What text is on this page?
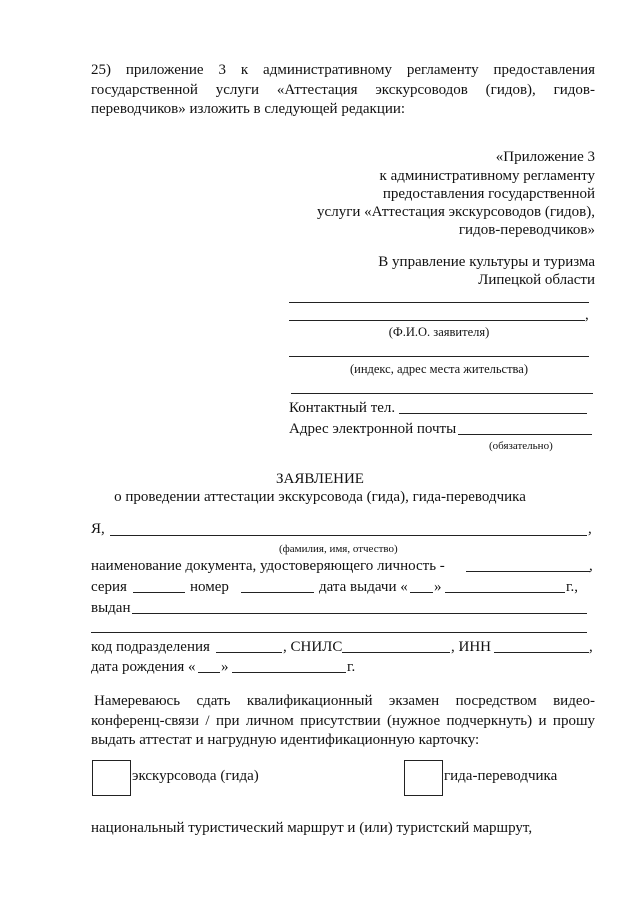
25) приложение 3 к административному регламенту предоставления
государственной услуги «Аттестация экскурсоводов (гидов), гидов-
переводчиков» изложить в следующей редакции:
«Приложение 3
к административному регламенту
предоставления государственной
услуги «Аттестация экскурсоводов (гидов),
гидов-переводчиков»
В управление культуры и туризма
Липецкой области
,
(Ф.И.О. заявителя)
(индекс, адрес места жительства)
Контактный тел.
Адрес электронной почты
(обязательно)
ЗАЯВЛЕНИЕ
о проведении аттестации экскурсовода (гида), гида-переводчика
Я,	,
(фамилия, имя, отчество)
наименование документа, удостоверяющего личность -	,
серия	номер	дата выдачи « »	г.,
выдан
код подразделения	, СНИЛС	, ИНН	,
дата рождения « »	г.
Намереваюсь сдать квалификационный экзамен посредством видео-
конференц-связи / при личном присутствии (нужное подчеркнуть) и прошу
выдать аттестат и нагрудную идентификационную карточку:
экскурсовода (гида)	гида-переводчика
национальный туристический маршрут и (или) туристский маршрут,
